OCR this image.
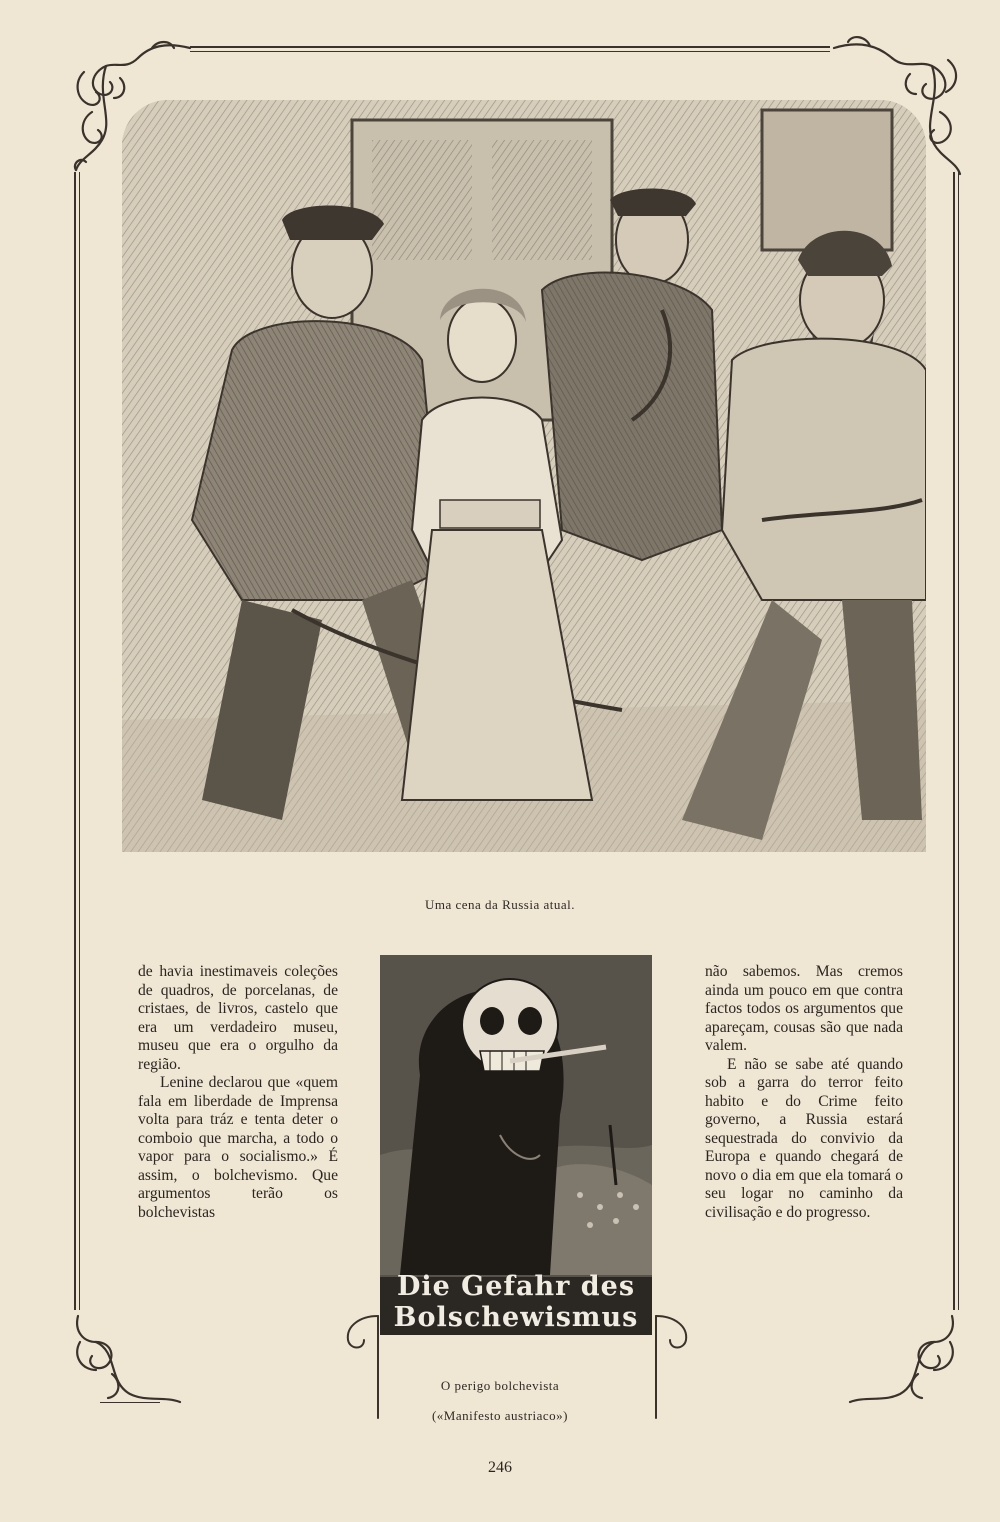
Uma cena da Russia atual.

de havia inestimaveis coleções de quadros, de porcelanas, de cristaes, de livros, castelo que era um verdadeiro museu, museu que era o orgulho da região.

Lenine declarou que «quem fala em liberdade de Imprensa volta para tráz e tenta deter o comboio que marcha, a todo o vapor para o socialismo.» É assim, o bolchevismo. Que argumentos terão os bolchevistas

Die Gefahr des
Bolschewismus
O perigo bolchevista
(«Manifesto austriaco»)

não sabemos. Mas cremos ainda um pouco em que contra factos todos os argumentos que apareçam, cousas são que nada valem.

E não se sabe até quando sob a garra do terror feito habito e do Crime feito governo, a Russia estará sequestrada do convivio da Europa e quando chegará de novo o dia em que ela tomará o seu logar no caminho da civilisação e do progresso.

246
